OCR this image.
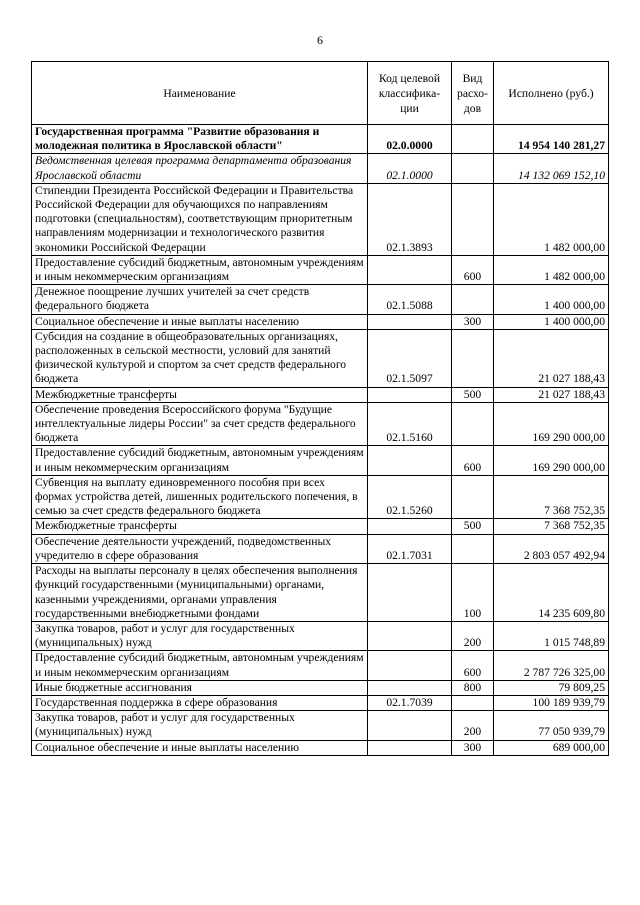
6
Наименование	Код целевой классифика-ции	Вид расхо-дов	Исполнено (руб.)
Государственная программа "Развитие образования и молодежная политика в Ярославской области"	02.0.0000		14 954 140 281,27
Ведомственная целевая программа департамента образования Ярославской области	02.1.0000		14 132 069 152,10
Стипендии Президента Российской Федерации и Правительства Российской Федерации для обучающихся по направлениям подготовки (специальностям), соответствующим приоритетным направлениям модернизации и технологического развития экономики Российской Федерации	02.1.3893		1 482 000,00
Предоставление субсидий бюджетным, автономным учреждениям и иным некоммерческим организациям		600	1 482 000,00
Денежное поощрение лучших учителей за счет средств федерального бюджета	02.1.5088		1 400 000,00
Социальное обеспечение и иные выплаты населению		300	1 400 000,00
Субсидия на создание в общеобразовательных организациях, расположенных в сельской местности, условий для занятий физической культурой и спортом за счет средств федерального бюджета	02.1.5097		21 027 188,43
Межбюджетные трансферты		500	21 027 188,43
Обеспечение проведения Всероссийского форума "Будущие интеллектуальные лидеры России" за счет средств федерального бюджета	02.1.5160		169 290 000,00
Предоставление субсидий бюджетным, автономным учреждениям и иным некоммерческим организациям		600	169 290 000,00
Субвенция на выплату единовременного пособия при всех формах устройства детей, лишенных родительского попечения, в семью за счет средств федерального бюджета	02.1.5260		7 368 752,35
Межбюджетные трансферты		500	7 368 752,35
Обеспечение деятельности учреждений, подведомственных учредителю в сфере образования	02.1.7031		2 803 057 492,94
Расходы на выплаты персоналу в целях обеспечения выполнения функций государственными (муниципальными) органами, казенными учреждениями, органами управления государственными внебюджетными фондами		100	14 235 609,80
Закупка товаров, работ и услуг для государственных (муниципальных) нужд		200	1 015 748,89
Предоставление субсидий бюджетным, автономным учреждениям и иным некоммерческим организациям		600	2 787 726 325,00
Иные бюджетные ассигнования		800	79 809,25
Государственная поддержка в сфере образования	02.1.7039		100 189 939,79
Закупка товаров, работ и услуг для государственных (муниципальных) нужд		200	77 050 939,79
Социальное обеспечение и иные выплаты населению		300	689 000,00
